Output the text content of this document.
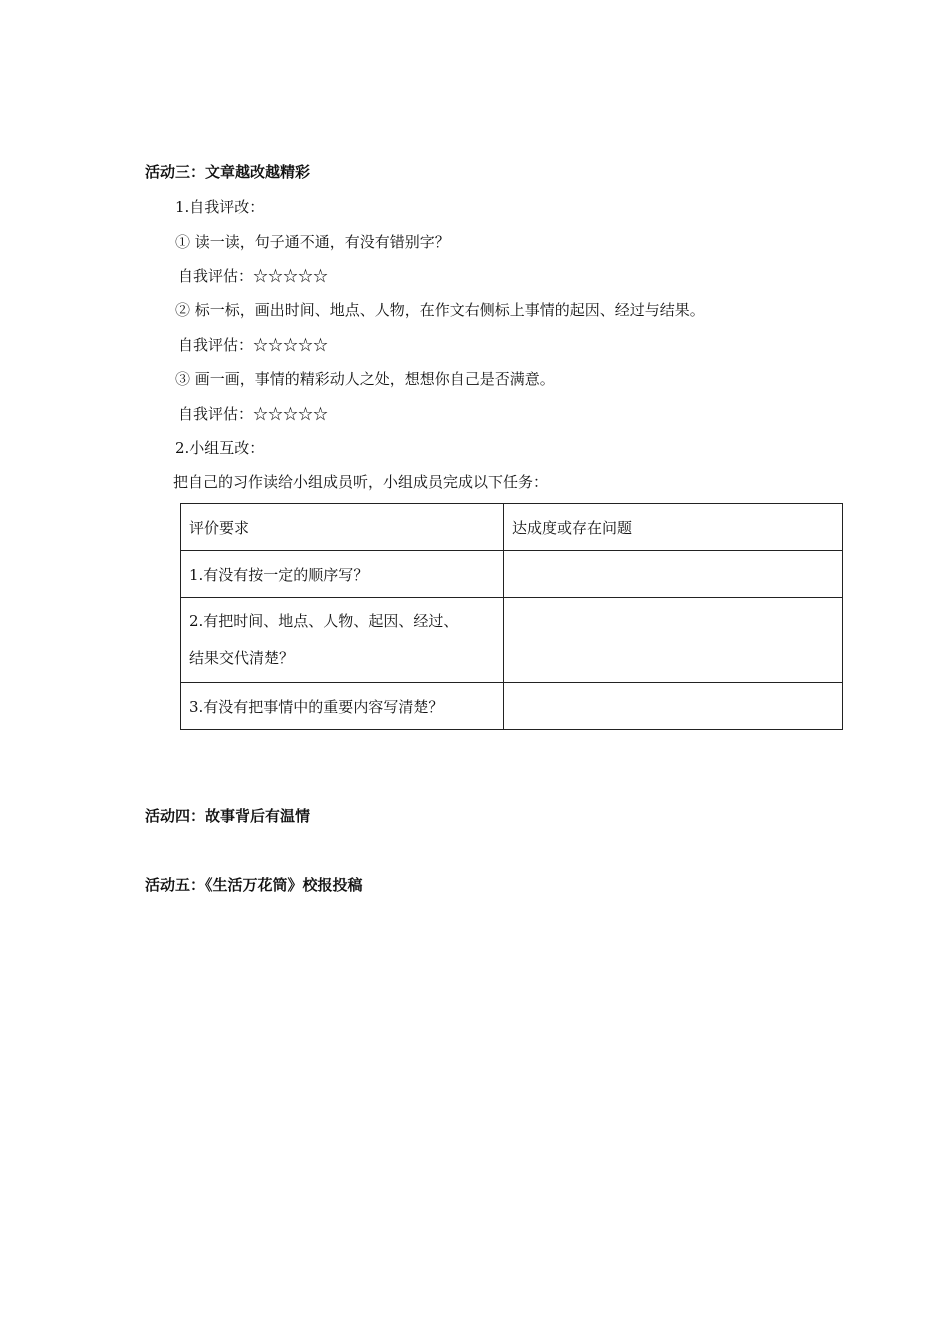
活动三：文章越改越精彩
1.自我评改：
① 读一读，句子通不通，有没有错别字？
自我评估：☆☆☆☆☆
② 标一标，画出时间、地点、人物，在作文右侧标上事情的起因、经过与结果。
自我评估：☆☆☆☆☆
③ 画一画，事情的精彩动人之处，想想你自己是否满意。
自我评估：☆☆☆☆☆
2.小组互改：
把自己的习作读给小组成员听，小组成员完成以下任务：
评价要求	达成度或存在问题
1.有没有按一定的顺序写？	

2.有把时间、地点、人物、起因、经过、
结果交代清楚？	

3.有没有把事情中的重要内容写清楚？	
活动四：故事背后有温情
活动五：《生活万花筒》校报投稿
